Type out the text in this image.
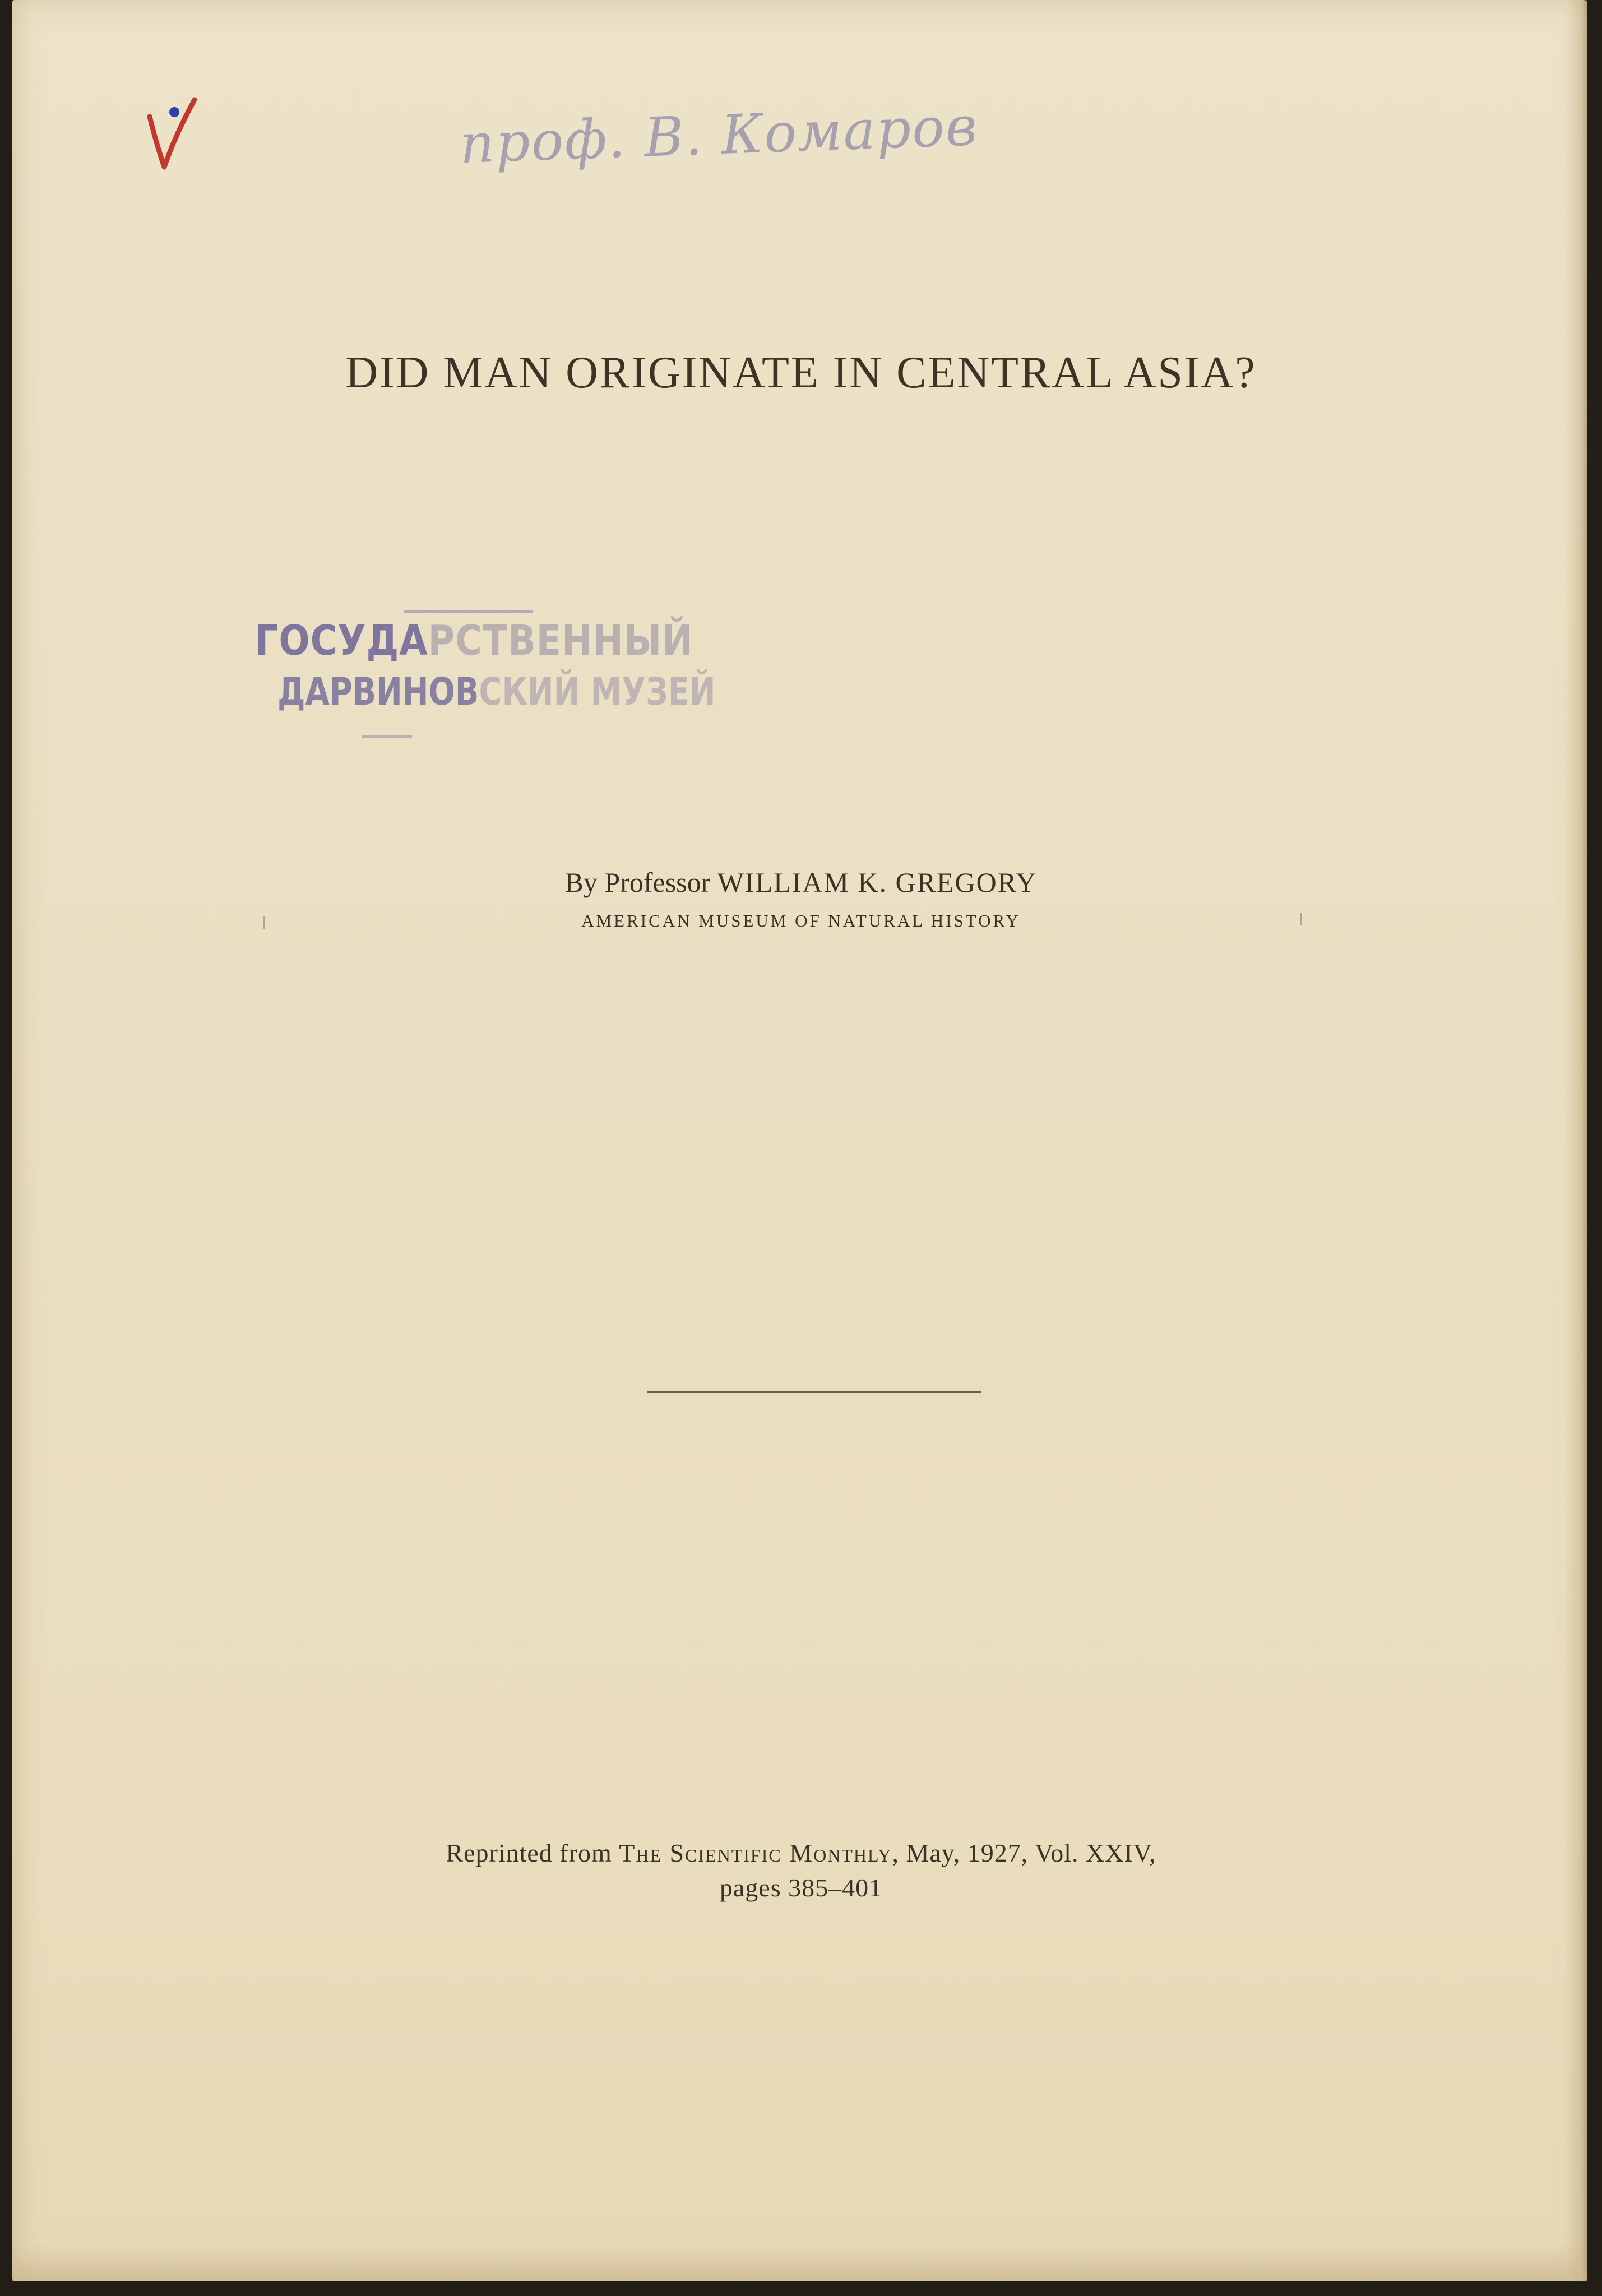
проф. В. Комаров
DID MAN ORIGINATE IN CENTRAL ASIA?
ГОСУДАРСТВЕННЫЙ
ДАРВИНОВСКИЙ МУЗЕЙ
By Professor WILLIAM K. GREGORY
AMERICAN MUSEUM OF NATURAL HISTORY
Reprinted from The Scientific Monthly, May, 1927, Vol. XXIV,
pages 385–401
